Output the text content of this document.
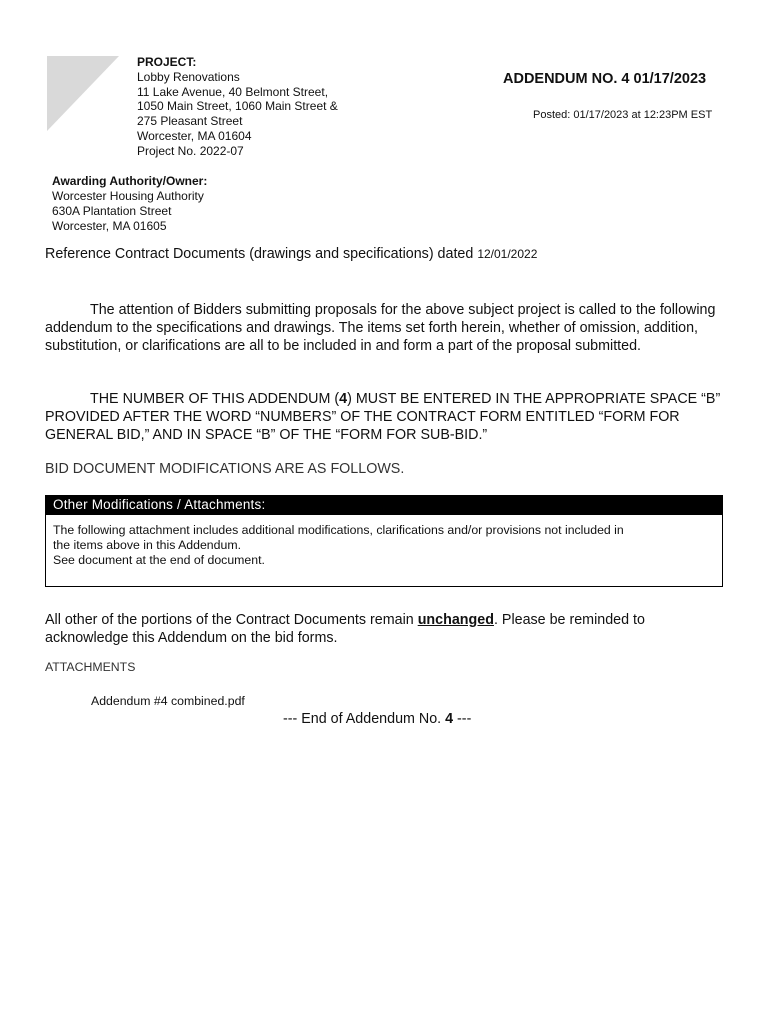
PROJECT:
Lobby Renovations
11 Lake Avenue, 40 Belmont Street,
1050 Main Street, 1060 Main Street &
275 Pleasant Street
Worcester, MA 01604
Project No. 2022-07
ADDENDUM NO. 4 01/17/2023
Posted: 01/17/2023 at 12:23PM EST
Awarding Authority/Owner:
Worcester Housing Authority
630A Plantation Street
Worcester, MA 01605
Reference Contract Documents (drawings and specifications) dated 12/01/2022
The attention of Bidders submitting proposals for the above subject project is called to the following addendum to the specifications and drawings. The items set forth herein, whether of omission, addition, substitution, or clarifications are all to be included in and form a part of the proposal submitted.
THE NUMBER OF THIS ADDENDUM (4) MUST BE ENTERED IN THE APPROPRIATE SPACE “B” PROVIDED AFTER THE WORD “NUMBERS” OF THE CONTRACT FORM ENTITLED “FORM FOR GENERAL BID,” AND IN SPACE “B” OF THE “FORM FOR SUB-BID.”
BID DOCUMENT MODIFICATIONS ARE AS FOLLOWS.
Other Modifications / Attachments:
The following attachment includes additional modifications, clarifications and/or provisions not included in
the items above in this Addendum.
See document at the end of document.
All other of the portions of the Contract Documents remain unchanged. Please be reminded to acknowledge this Addendum on the bid forms.
ATTACHMENTS
Addendum #4 combined.pdf
--- End of Addendum No. 4 ---
